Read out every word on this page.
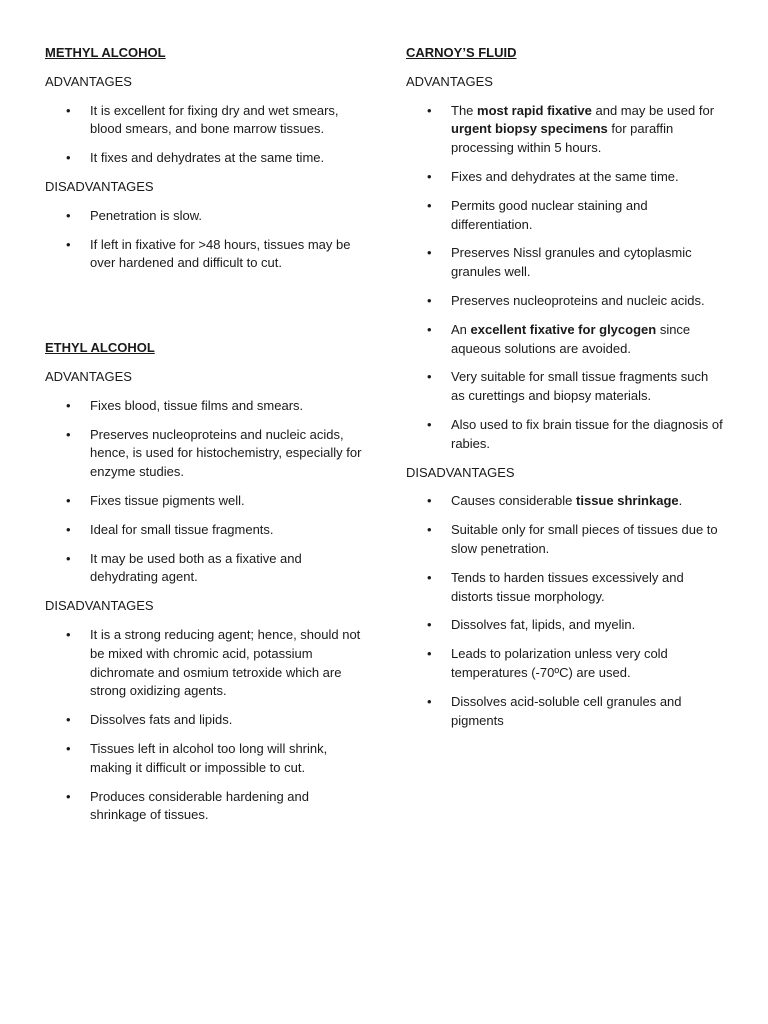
METHYL ALCOHOL
ADVANTAGES
• It is excellent for fixing dry and wet smears, blood smears, and bone marrow tissues.
• It fixes and dehydrates at the same time.
DISADVANTAGES
• Penetration is slow.
• If left in fixative for >48 hours, tissues may be over hardened and difficult to cut.
ETHYL ALCOHOL
ADVANTAGES
• Fixes blood, tissue films and smears.
• Preserves nucleoproteins and nucleic acids, hence, is used for histochemistry, especially for enzyme studies.
• Fixes tissue pigments well.
• Ideal for small tissue fragments.
• It may be used both as a fixative and dehydrating agent.
DISADVANTAGES
• It is a strong reducing agent; hence, should not be mixed with chromic acid, potassium dichromate and osmium tetroxide which are strong oxidizing agents.
• Dissolves fats and lipids.
• Tissues left in alcohol too long will shrink, making it difficult or impossible to cut.
• Produces considerable hardening and shrinkage of tissues.
CARNOY’S FLUID
ADVANTAGES
• The most rapid fixative and may be used for urgent biopsy specimens for paraffin processing within 5 hours.
• Fixes and dehydrates at the same time.
• Permits good nuclear staining and differentiation.
• Preserves Nissl granules and cytoplasmic granules well.
• Preserves nucleoproteins and nucleic acids.
• An excellent fixative for glycogen since aqueous solutions are avoided.
• Very suitable for small tissue fragments such as curettings and biopsy materials.
• Also used to fix brain tissue for the diagnosis of rabies.
DISADVANTAGES
• Causes considerable tissue shrinkage.
• Suitable only for small pieces of tissues due to slow penetration.
• Tends to harden tissues excessively and distorts tissue morphology.
• Dissolves fat, lipids, and myelin.
• Leads to polarization unless very cold temperatures (-70ºC) are used.
• Dissolves acid-soluble cell granules and pigments
